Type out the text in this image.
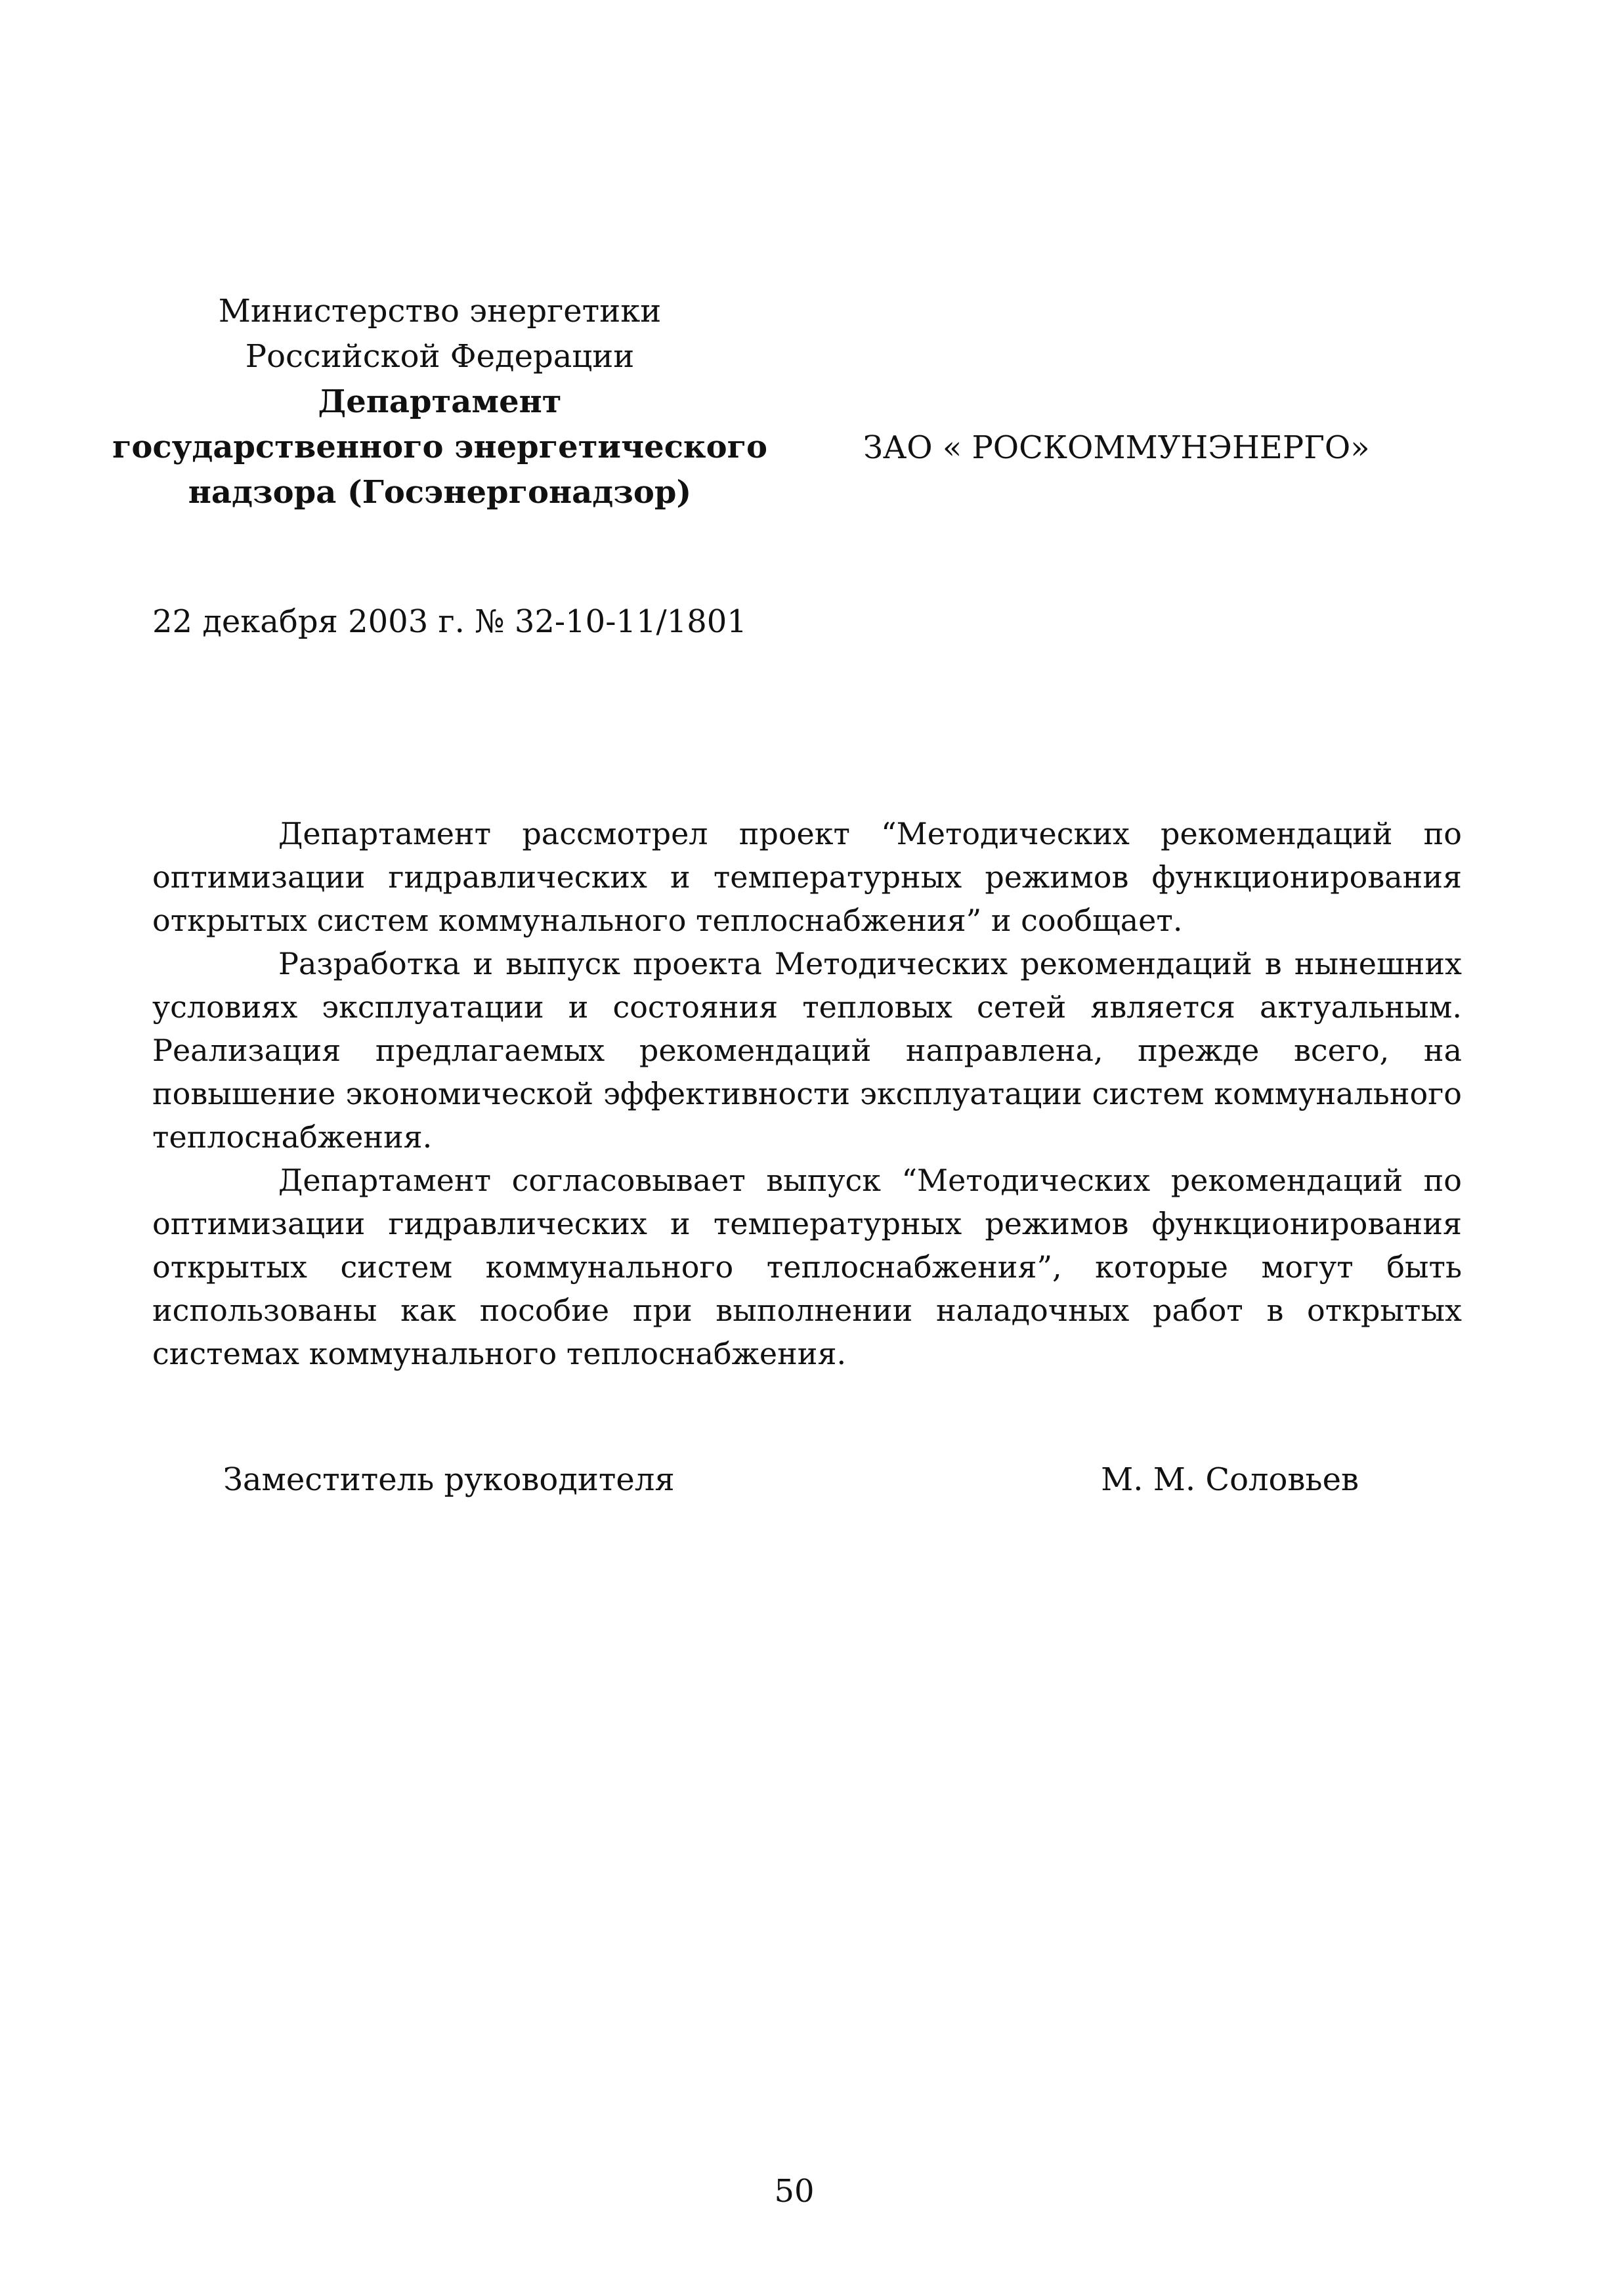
Министерство энергетики
Российской Федерации
Департамент
государственного энергетического
надзора (Госэнергонадзор)
ЗАО « РОСКОММУНЭНЕРГО»
22 декабря 2003 г. № 32-10-11/1801

Департамент рассмотрел проект “Методических рекомендаций по оптимизации гидравлических и температурных режимов функционирования открытых систем коммунального теплоснабжения” и сообщает.

Разработка и выпуск проекта Методических рекомендаций в нынешних условиях эксплуатации и состояния тепловых сетей является актуальным. Реализация предлагаемых рекомендаций направлена, прежде всего, на повышение экономической эффективности эксплуатации систем коммунального теплоснабжения.

Департамент согласовывает выпуск “Методических рекомендаций по оптимизации гидравлических и температурных режимов функционирования открытых систем коммунального теплоснабжения”, которые могут быть использованы как пособие при выполнении наладочных работ в открытых системах коммунального теплоснабжения.

Заместитель руководителя	М. М. Соловьев
50
